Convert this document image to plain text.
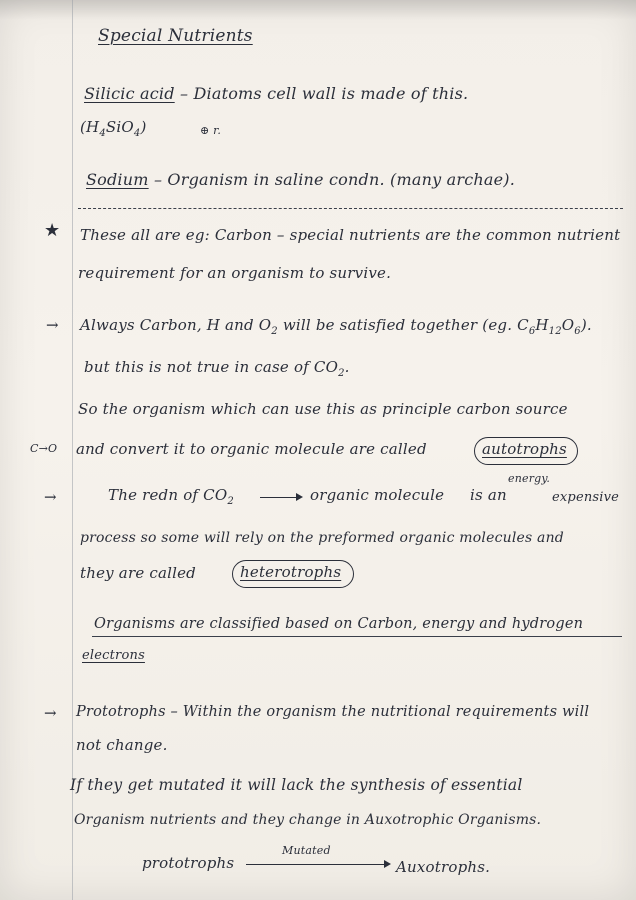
Special Nutrients
Silicic acid – Diatoms cell wall is made of this.
$(H_4SiO_4)$	⊕ r.
Sodium – Organism in saline condn. (many archae).
★ These all are eg: Carbon – special nutrients are the common nutrient
requirement for an organism to survive.
→ Always Carbon, H and $O_2$ will be satisfied together (eg. $C_6H_{12}O_6$).
but this is not true in case of $CO_2$.
So the organism which can use this as principle carbon source
C→O and convert it to organic molecule are called	autotrophs
→	The redn of $CO_2$	organic molecule is an
energy.
expensive
process so some will rely on the preformed organic molecules and
they are called	heterotrophs
Organisms are classified based on Carbon, energy and hydrogen
electrons
→ Prototrophs – Within the organism the nutritional requirements will
not change.
If they get mutated it will lack the synthesis of essential
Organism nutrients and they change in Auxotrophic Organisms.
prototrophs
Mutated
Auxotrophs.
